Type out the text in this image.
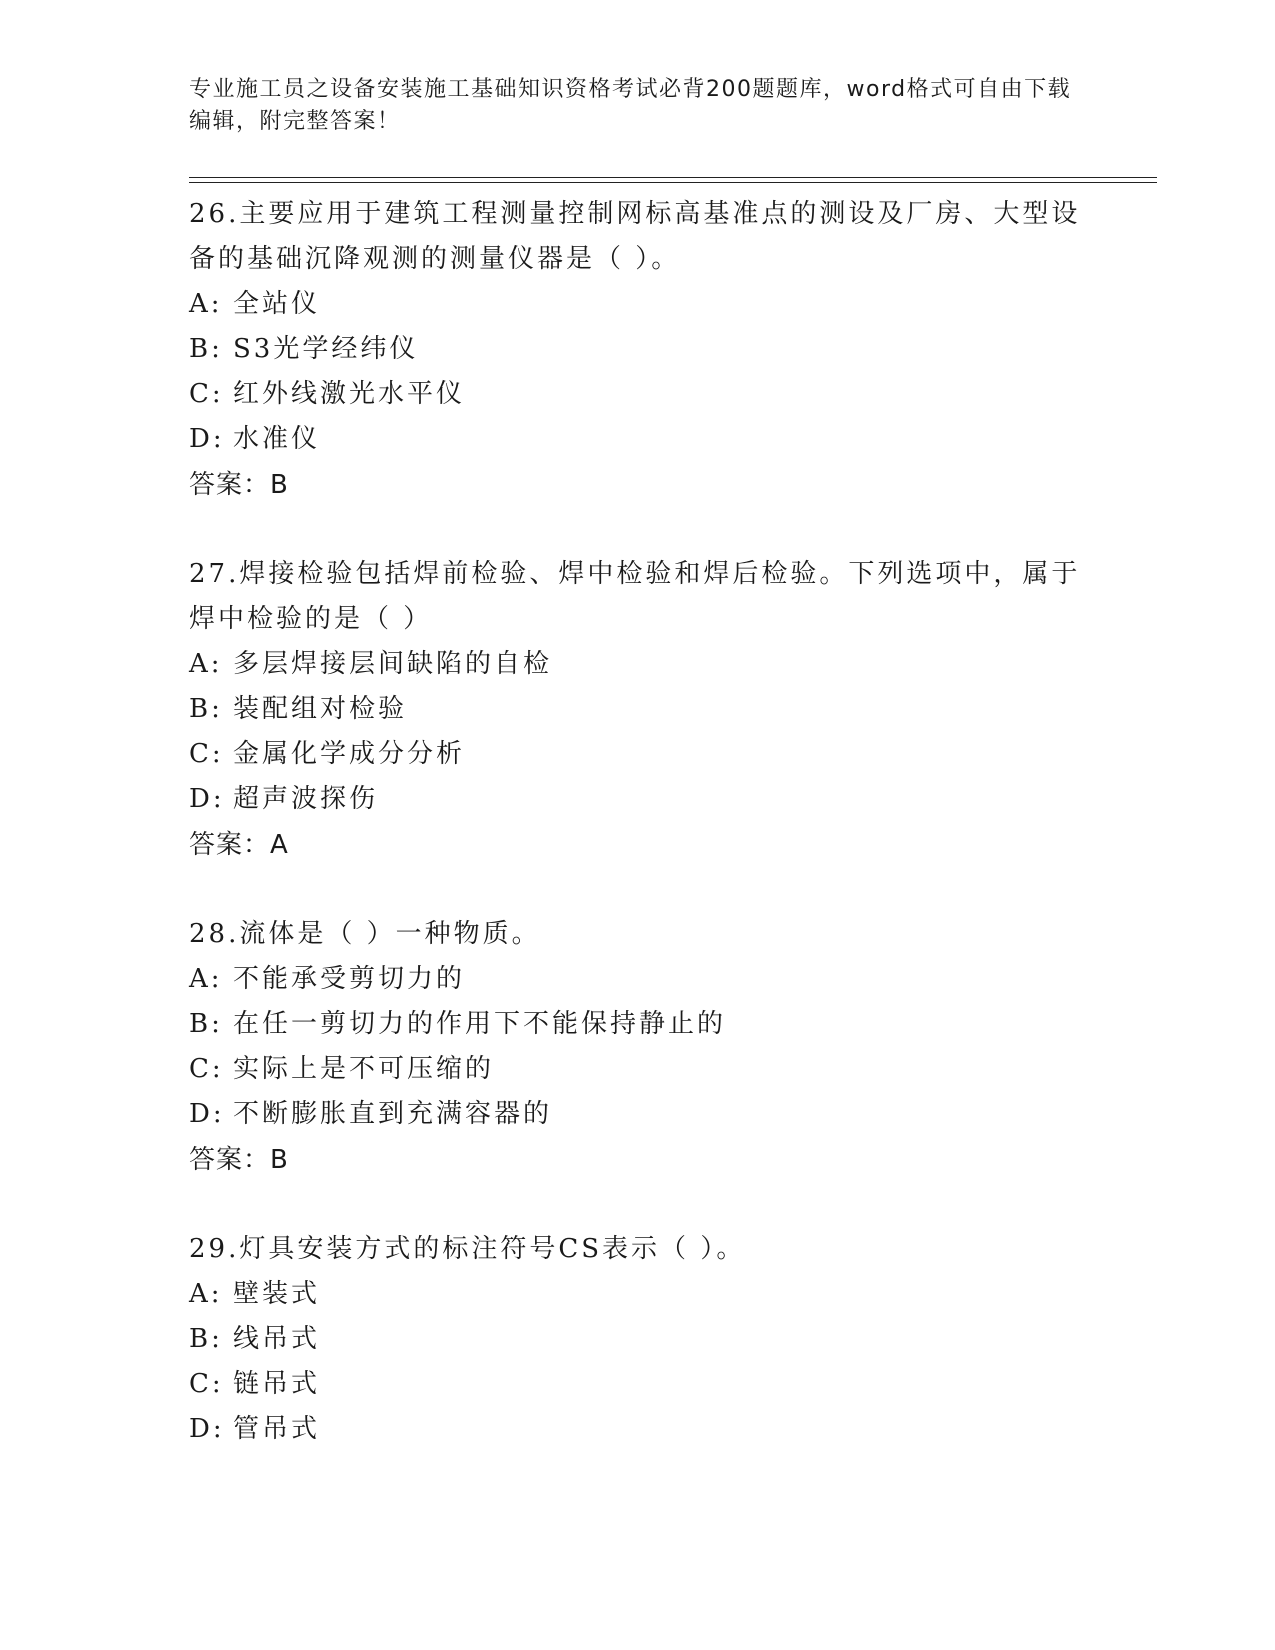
专业施工员之设备安装施工基础知识资格考试必背200题题库，word格式可自由下载编辑，附完整答案！

26.主要应用于建筑工程测量控制网标高基准点的测设及厂房、大型设备的基础沉降观测的测量仪器是（ ）。

A: 全站仪
B: S3光学经纬仪
C: 红外线激光水平仪
D: 水准仪
答案：B

27.焊接检验包括焊前检验、焊中检验和焊后检验。下列选项中，属于焊中检验的是（ ）

A: 多层焊接层间缺陷的自检
B: 装配组对检验
C: 金属化学成分分析
D: 超声波探伤
答案：A

28.流体是（ ）一种物质。

A: 不能承受剪切力的
B: 在任一剪切力的作用下不能保持静止的
C: 实际上是不可压缩的
D: 不断膨胀直到充满容器的
答案：B

29.灯具安装方式的标注符号CS表示（ ）。

A: 壁装式
B: 线吊式
C: 链吊式
D: 管吊式
